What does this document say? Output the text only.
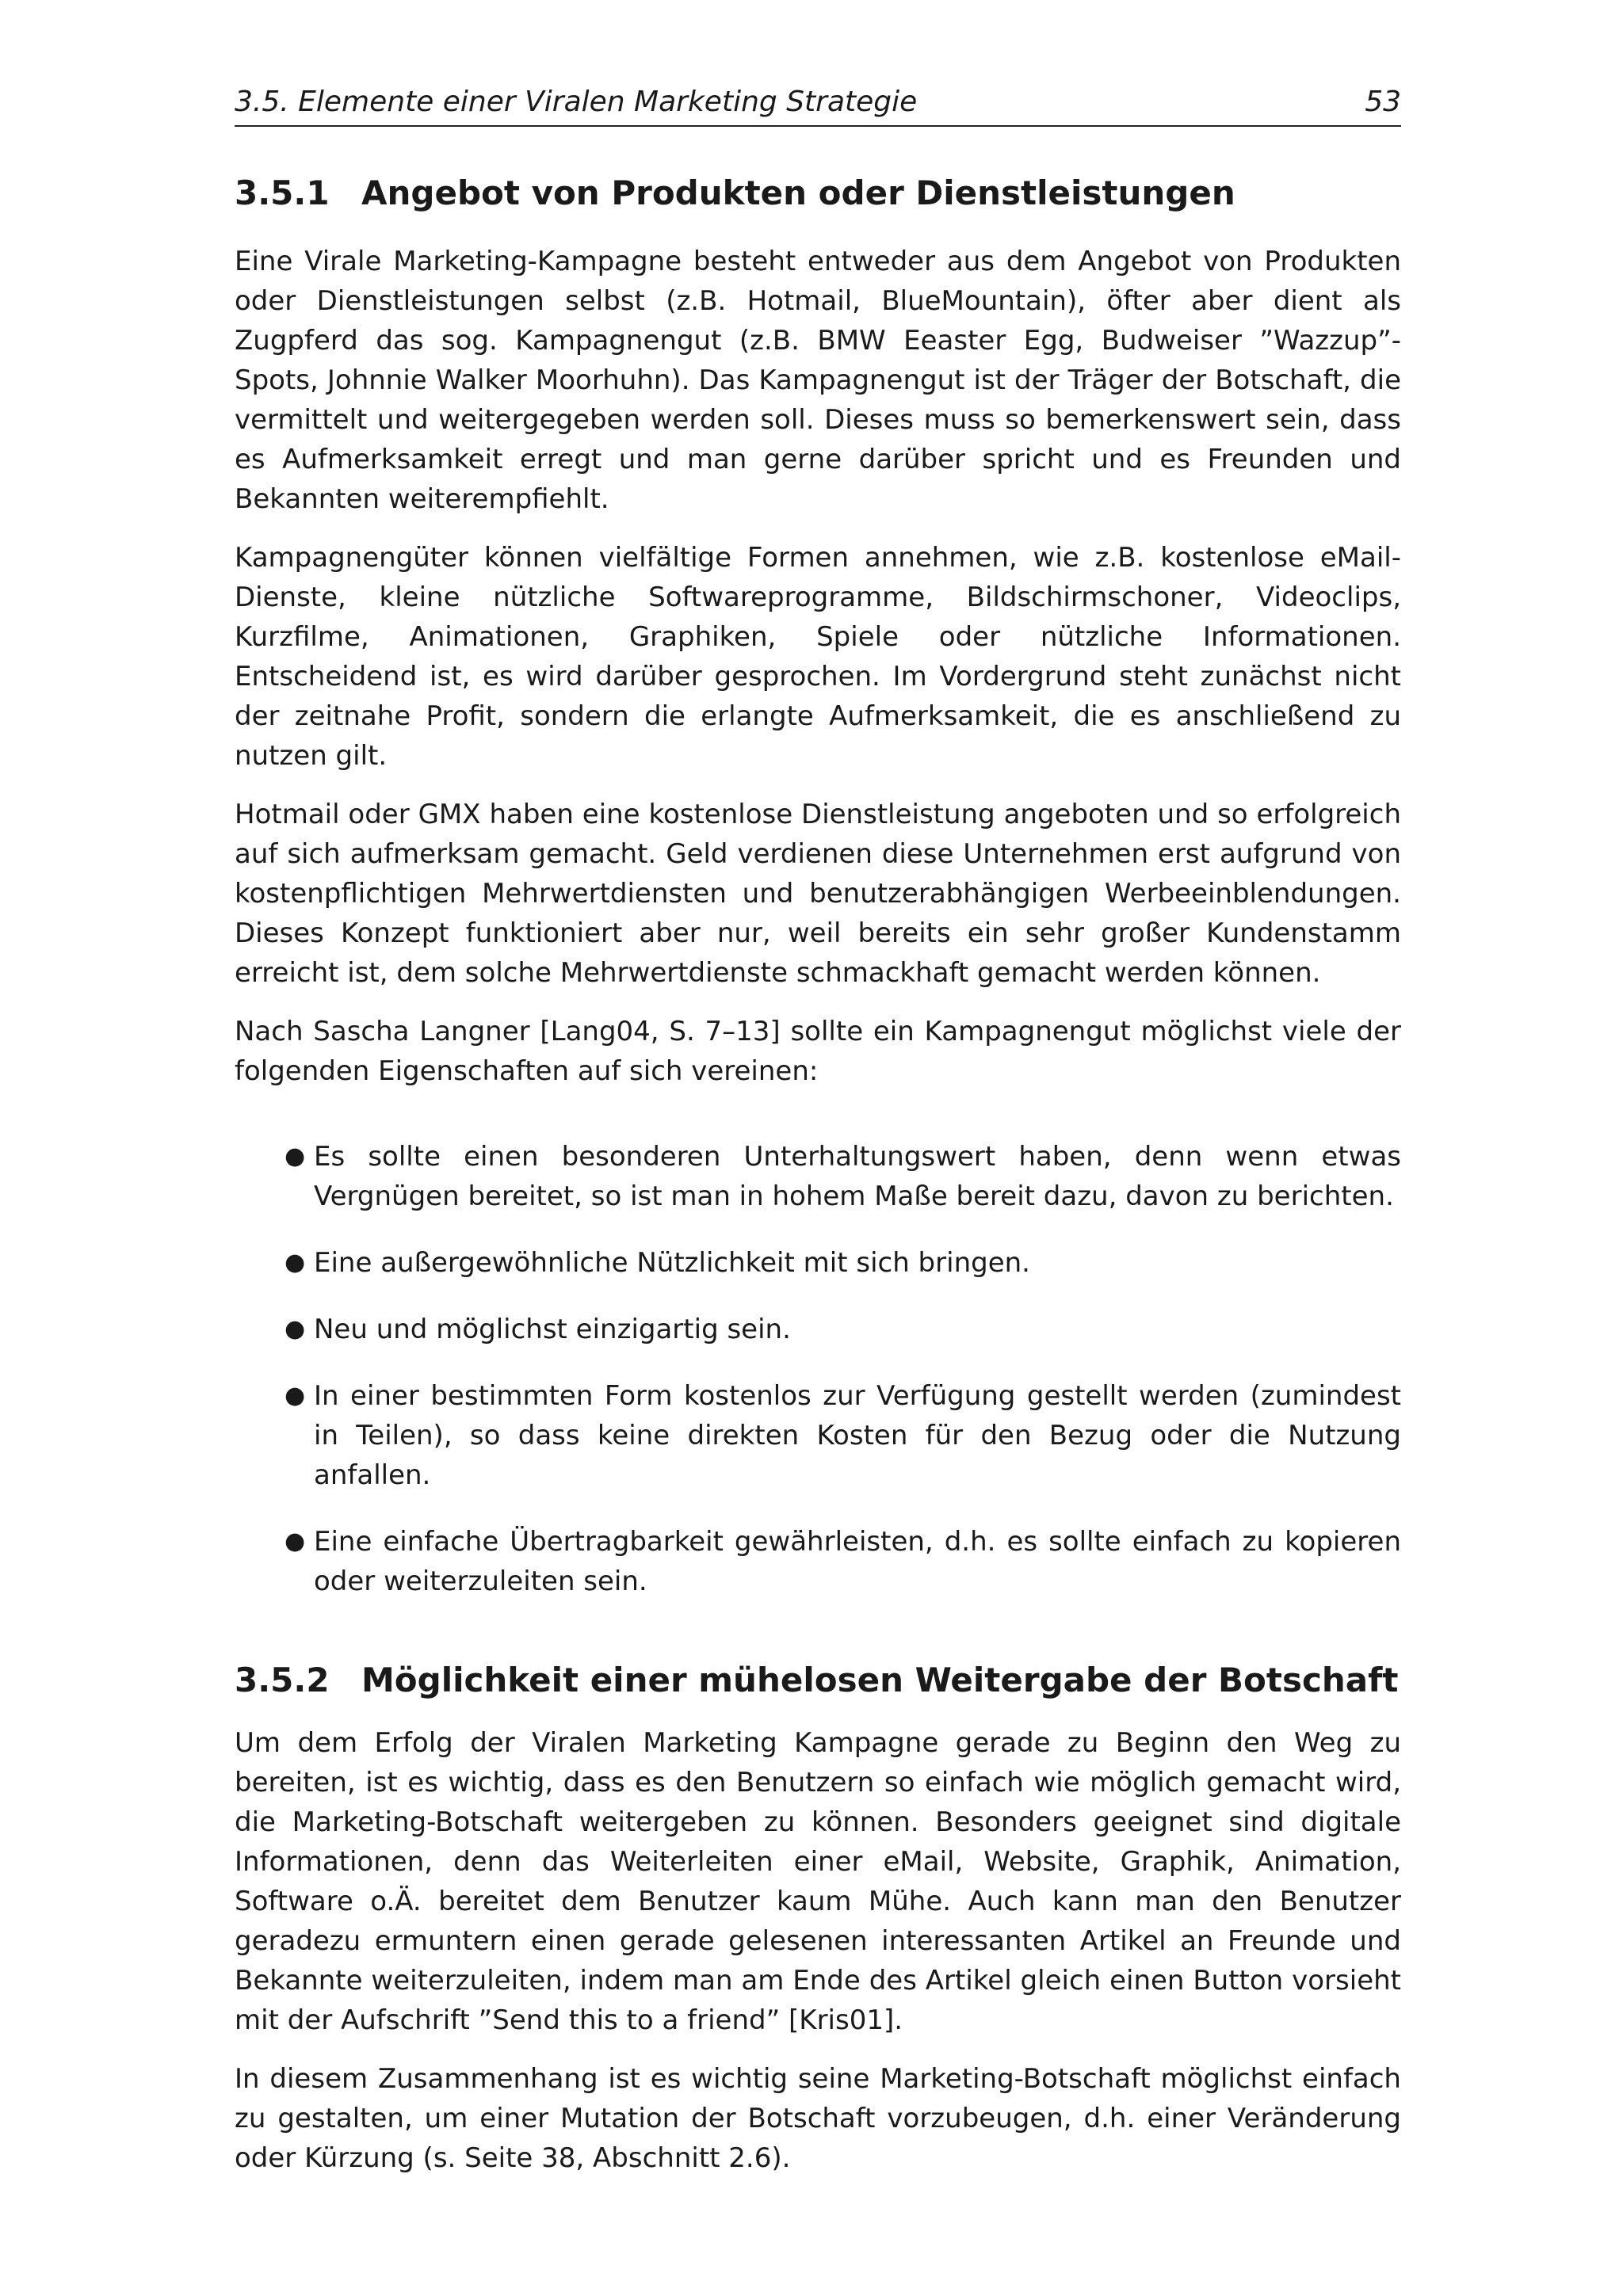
3.5. Elemente einer Viralen Marketing Strategie	53
3.5.1 Angebot von Produkten oder Dienstleistungen

Eine Virale Marketing-Kampagne besteht entweder aus dem Angebot von Produkten oder Dienstleistungen selbst (z.B. Hotmail, BlueMountain), öfter aber dient als Zugpferd das sog. Kampagnengut (z.B. BMW Eeaster Egg, Budweiser ”Wazzup”-Spots, Johnnie Walker Moorhuhn). Das Kampagnengut ist der Träger der Botschaft, die vermittelt und weitergegeben werden soll. Dieses muss so bemerkenswert sein, dass es Aufmerksamkeit erregt und man gerne darüber spricht und es Freunden und Bekannten weiterempfiehlt.

Kampagnengüter können vielfältige Formen annehmen, wie z.B. kostenlose eMail-Dienste, kleine nützliche Softwareprogramme, Bildschirmschoner, Videoclips, Kurzfilme, Animationen, Graphiken, Spiele oder nützliche Informationen. Entscheidend ist, es wird darüber gesprochen. Im Vordergrund steht zunächst nicht der zeitnahe Profit, sondern die erlangte Aufmerksamkeit, die es anschließend zu nutzen gilt.

Hotmail oder GMX haben eine kostenlose Dienstleistung angeboten und so erfolgreich auf sich aufmerksam gemacht. Geld verdienen diese Unternehmen erst aufgrund von kostenpflichtigen Mehrwertdiensten und benutzerabhängigen Werbeeinblendungen. Dieses Konzept funktioniert aber nur, weil bereits ein sehr großer Kundenstamm erreicht ist, dem solche Mehrwertdienste schmackhaft gemacht werden können.

Nach Sascha Langner [Lang04, S. 7–13] sollte ein Kampagnengut möglichst viele der folgenden Eigenschaften auf sich vereinen:

● Es sollte einen besonderen Unterhaltungswert haben, denn wenn etwas Vergnügen bereitet, so ist man in hohem Maße bereit dazu, davon zu berichten.
● Eine außergewöhnliche Nützlichkeit mit sich bringen.
● Neu und möglichst einzigartig sein.
● In einer bestimmten Form kostenlos zur Verfügung gestellt werden (zumindest in Teilen), so dass keine direkten Kosten für den Bezug oder die Nutzung anfallen.
● Eine einfache Übertragbarkeit gewährleisten, d.h. es sollte einfach zu kopieren oder weiterzuleiten sein.
3.5.2 Möglichkeit einer mühelosen Weitergabe der Botschaft

Um dem Erfolg der Viralen Marketing Kampagne gerade zu Beginn den Weg zu bereiten, ist es wichtig, dass es den Benutzern so einfach wie möglich gemacht wird, die Marketing-Botschaft weitergeben zu können. Besonders geeignet sind digitale Informationen, denn das Weiterleiten einer eMail, Website, Graphik, Animation, Software o.Ä. bereitet dem Benutzer kaum Mühe. Auch kann man den Benutzer geradezu ermuntern einen gerade gelesenen interessanten Artikel an Freunde und Bekannte weiterzuleiten, indem man am Ende des Artikel gleich einen Button vorsieht mit der Aufschrift ”Send this to a friend” [Kris01].

In diesem Zusammenhang ist es wichtig seine Marketing-Botschaft möglichst einfach zu gestalten, um einer Mutation der Botschaft vorzubeugen, d.h. einer Veränderung oder Kürzung (s. Seite 38, Abschnitt 2.6).
